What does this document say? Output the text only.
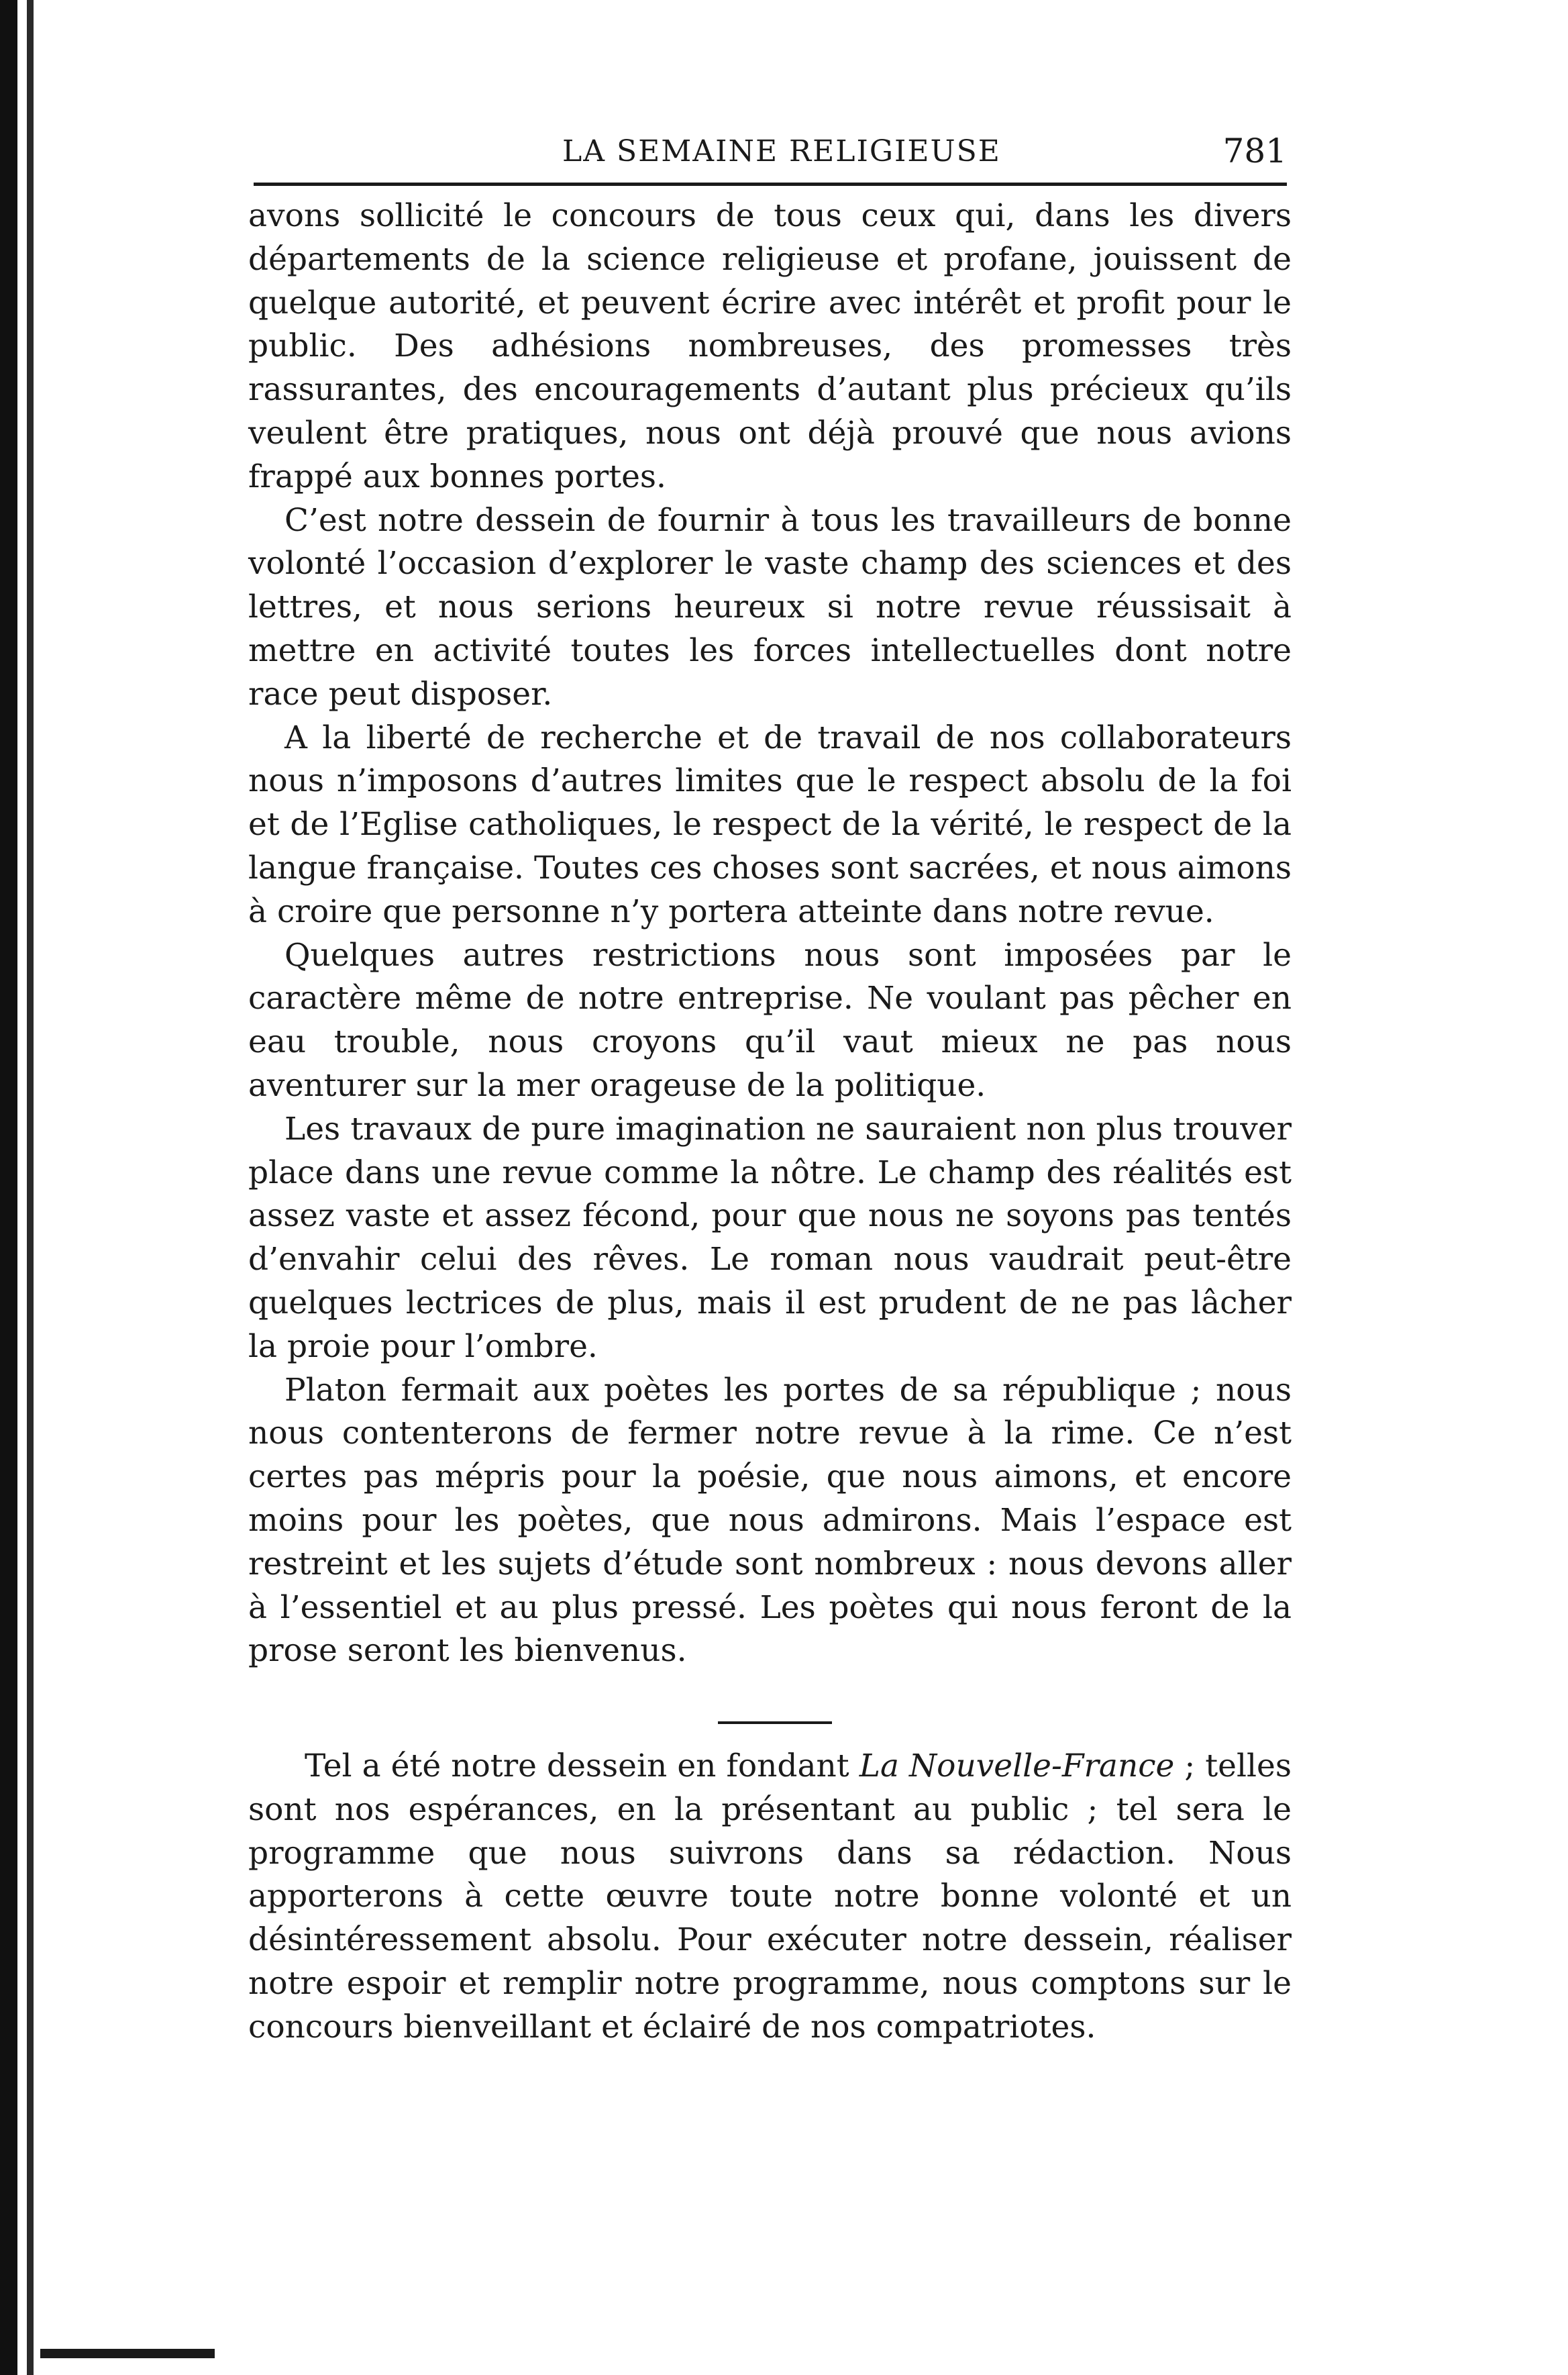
LA SEMAINE RELIGIEUSE	781

avons sollicité le concours de tous ceux qui, dans les divers départements de la science religieuse et profane, jouissent de quelque autorité, et peuvent écrire avec intérêt et profit pour le public. Des adhésions nombreuses, des promesses très rassurantes, des encouragements d’autant plus précieux qu’ils veulent être pratiques, nous ont déjà prouvé que nous avions frappé aux bonnes portes.

C’est notre dessein de fournir à tous les travailleurs de bonne volonté l’occasion d’explorer le vaste champ des sciences et des lettres, et nous serions heureux si notre revue réussisait à mettre en activité toutes les forces intellectuelles dont notre race peut disposer.

A la liberté de recherche et de travail de nos collaborateurs nous n’imposons d’autres limites que le respect absolu de la foi et de l’Eglise catholiques, le respect de la vérité, le respect de la langue française. Toutes ces choses sont sacrées, et nous aimons à croire que personne n’y portera atteinte dans notre revue.

Quelques autres restrictions nous sont imposées par le caractère même de notre entreprise. Ne voulant pas pêcher en eau trouble, nous croyons qu’il vaut mieux ne pas nous aventurer sur la mer orageuse de la politique.

Les travaux de pure imagination ne sauraient non plus trouver place dans une revue comme la nôtre. Le champ des réalités est assez vaste et assez fécond, pour que nous ne soyons pas tentés d’envahir celui des rêves. Le roman nous vaudrait peut-être quelques lectrices de plus, mais il est prudent de ne pas lâcher la proie pour l’ombre.

Platon fermait aux poètes les portes de sa république ; nous nous contenterons de fermer notre revue à la rime. Ce n’est certes pas mépris pour la poésie, que nous aimons, et encore moins pour les poètes, que nous admirons. Mais l’espace est restreint et les sujets d’étude sont nombreux : nous devons aller à l’essentiel et au plus pressé. Les poètes qui nous feront de la prose seront les bienvenus.

Tel a été notre dessein en fondant La Nouvelle-France ; telles sont nos espérances, en la présentant au public ; tel sera le programme que nous suivrons dans sa rédaction. Nous apporterons à cette œuvre toute notre bonne volonté et un désintéressement absolu. Pour exécuter notre dessein, réaliser notre espoir et remplir notre programme, nous comptons sur le concours bienveillant et éclairé de nos compatriotes.
